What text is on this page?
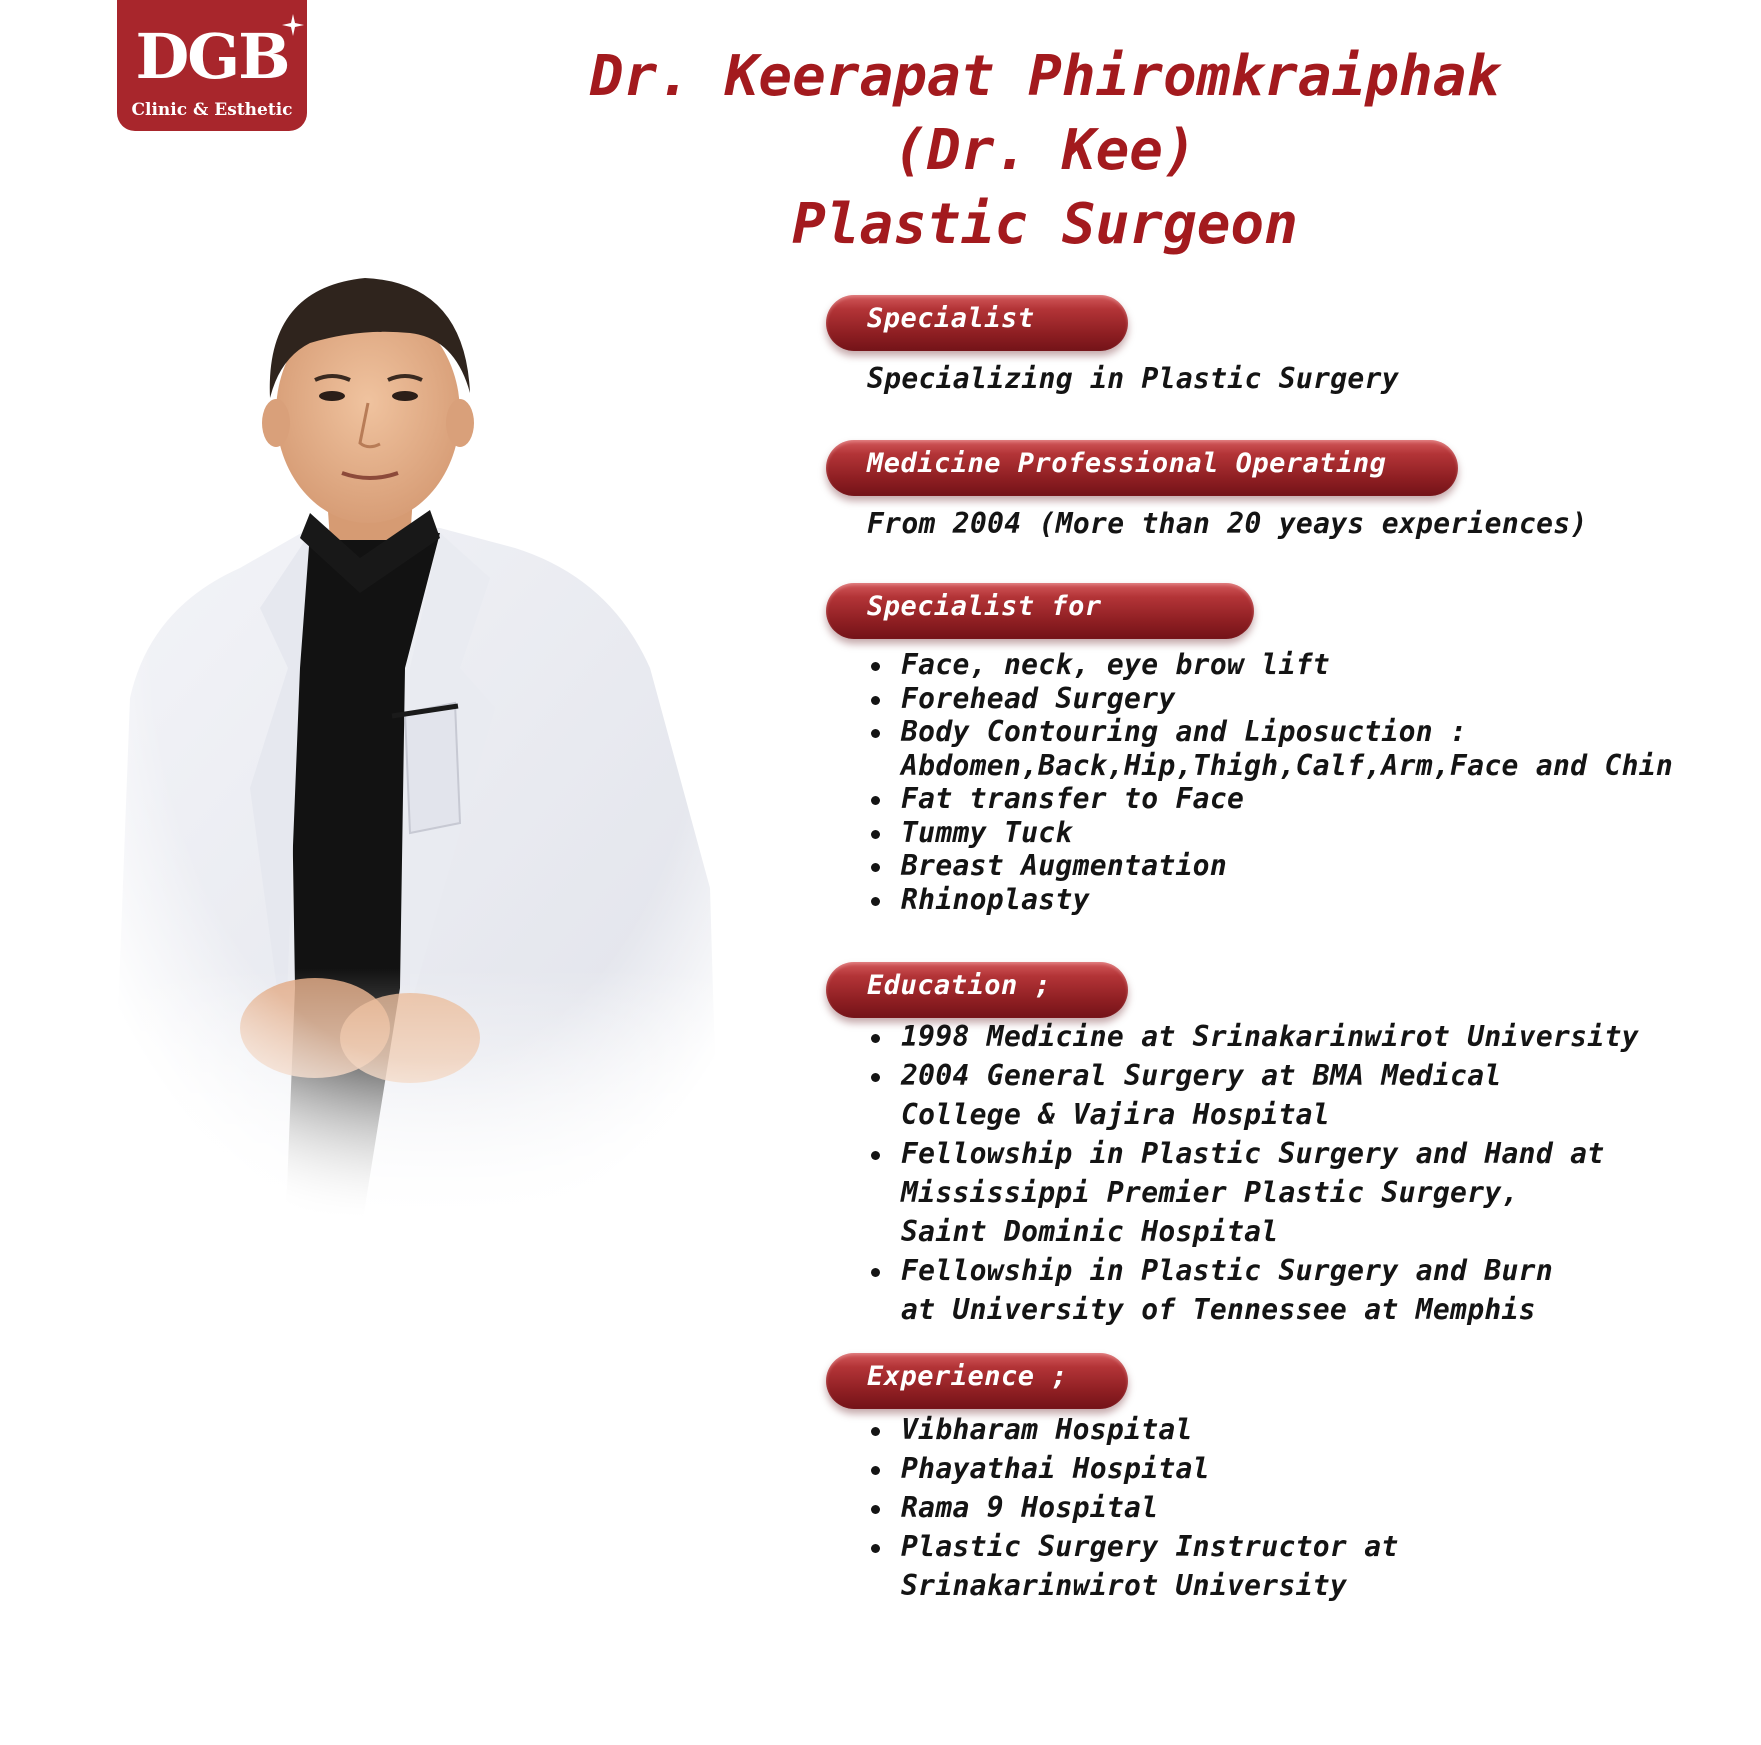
DGB
Clinic & Esthetic
Dr. Keerapat Phiromkraiphak
(Dr. Kee)
Plastic Surgeon
Specialist
Specializing in Plastic Surgery
Medicine Professional Operating
From 2004 (More than 20 yeays experiences)
Specialist for
Face, neck, eye brow lift
Forehead Surgery
Body Contouring and Liposuction :
Abdomen,Back,Hip,Thigh,Calf,Arm,Face and Chin
Fat transfer to Face
Tummy Tuck
Breast Augmentation
Rhinoplasty
Education ;
1998 Medicine at Srinakarinwirot University
2004 General Surgery at BMA Medical
College & Vajira Hospital
Fellowship in Plastic Surgery and Hand at
Mississippi Premier Plastic Surgery,
Saint Dominic Hospital
Fellowship in Plastic Surgery and Burn
at University of Tennessee at Memphis
Experience ;
Vibharam Hospital
Phayathai Hospital
Rama 9 Hospital
Plastic Surgery Instructor at
Srinakarinwirot University
